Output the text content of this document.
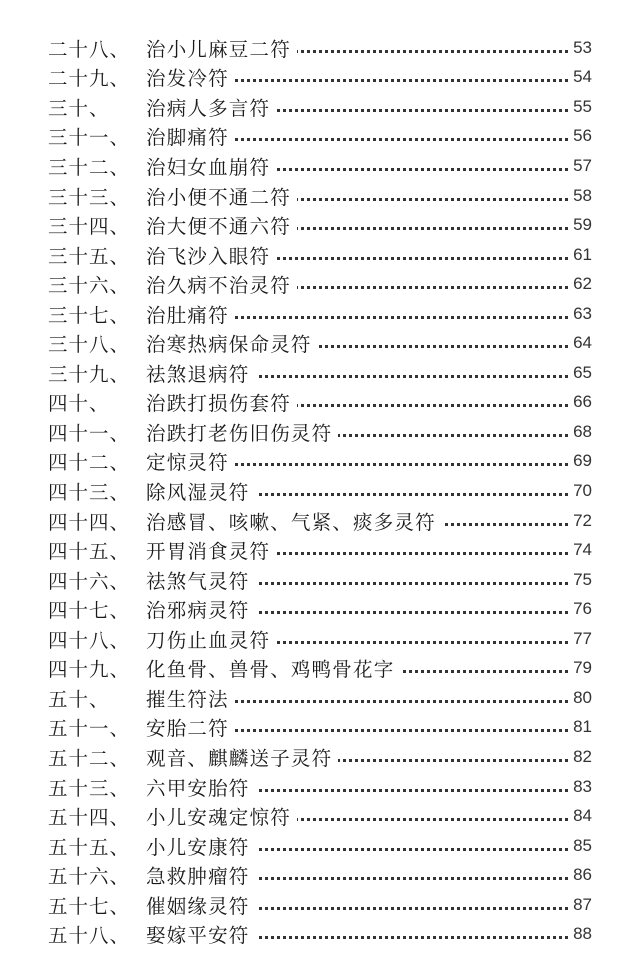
二十八、 治小儿麻豆二符	53
二十九、 治发冷符	54
三十、 治病人多言符	55
三十一、 治脚痛符	56
三十二、 治妇女血崩符	57
三十三、 治小便不通二符	58
三十四、 治大便不通六符	59
三十五、 治飞沙入眼符	61
三十六、 治久病不治灵符	62
三十七、 治肚痛符	63
三十八、 治寒热病保命灵符	64
三十九、 祛煞退病符	65
四十、 治跌打损伤套符	66
四十一、 治跌打老伤旧伤灵符	68
四十二、 定惊灵符	69
四十三、 除风湿灵符	70
四十四、 治感冒、咳嗽、气紧、痰多灵符	72
四十五、 开胃消食灵符	74
四十六、 祛煞气灵符	75
四十七、 治邪病灵符	76
四十八、 刀伤止血灵符	77
四十九、 化鱼骨、兽骨、鸡鸭骨花字	79
五十、 摧生符法	80
五十一、 安胎二符	81
五十二、 观音、麒麟送子灵符	82
五十三、 六甲安胎符	83
五十四、 小儿安魂定惊符	84
五十五、 小儿安康符	85
五十六、 急救肿瘤符	86
五十七、 催姻缘灵符	87
五十八、 娶嫁平安符	88
